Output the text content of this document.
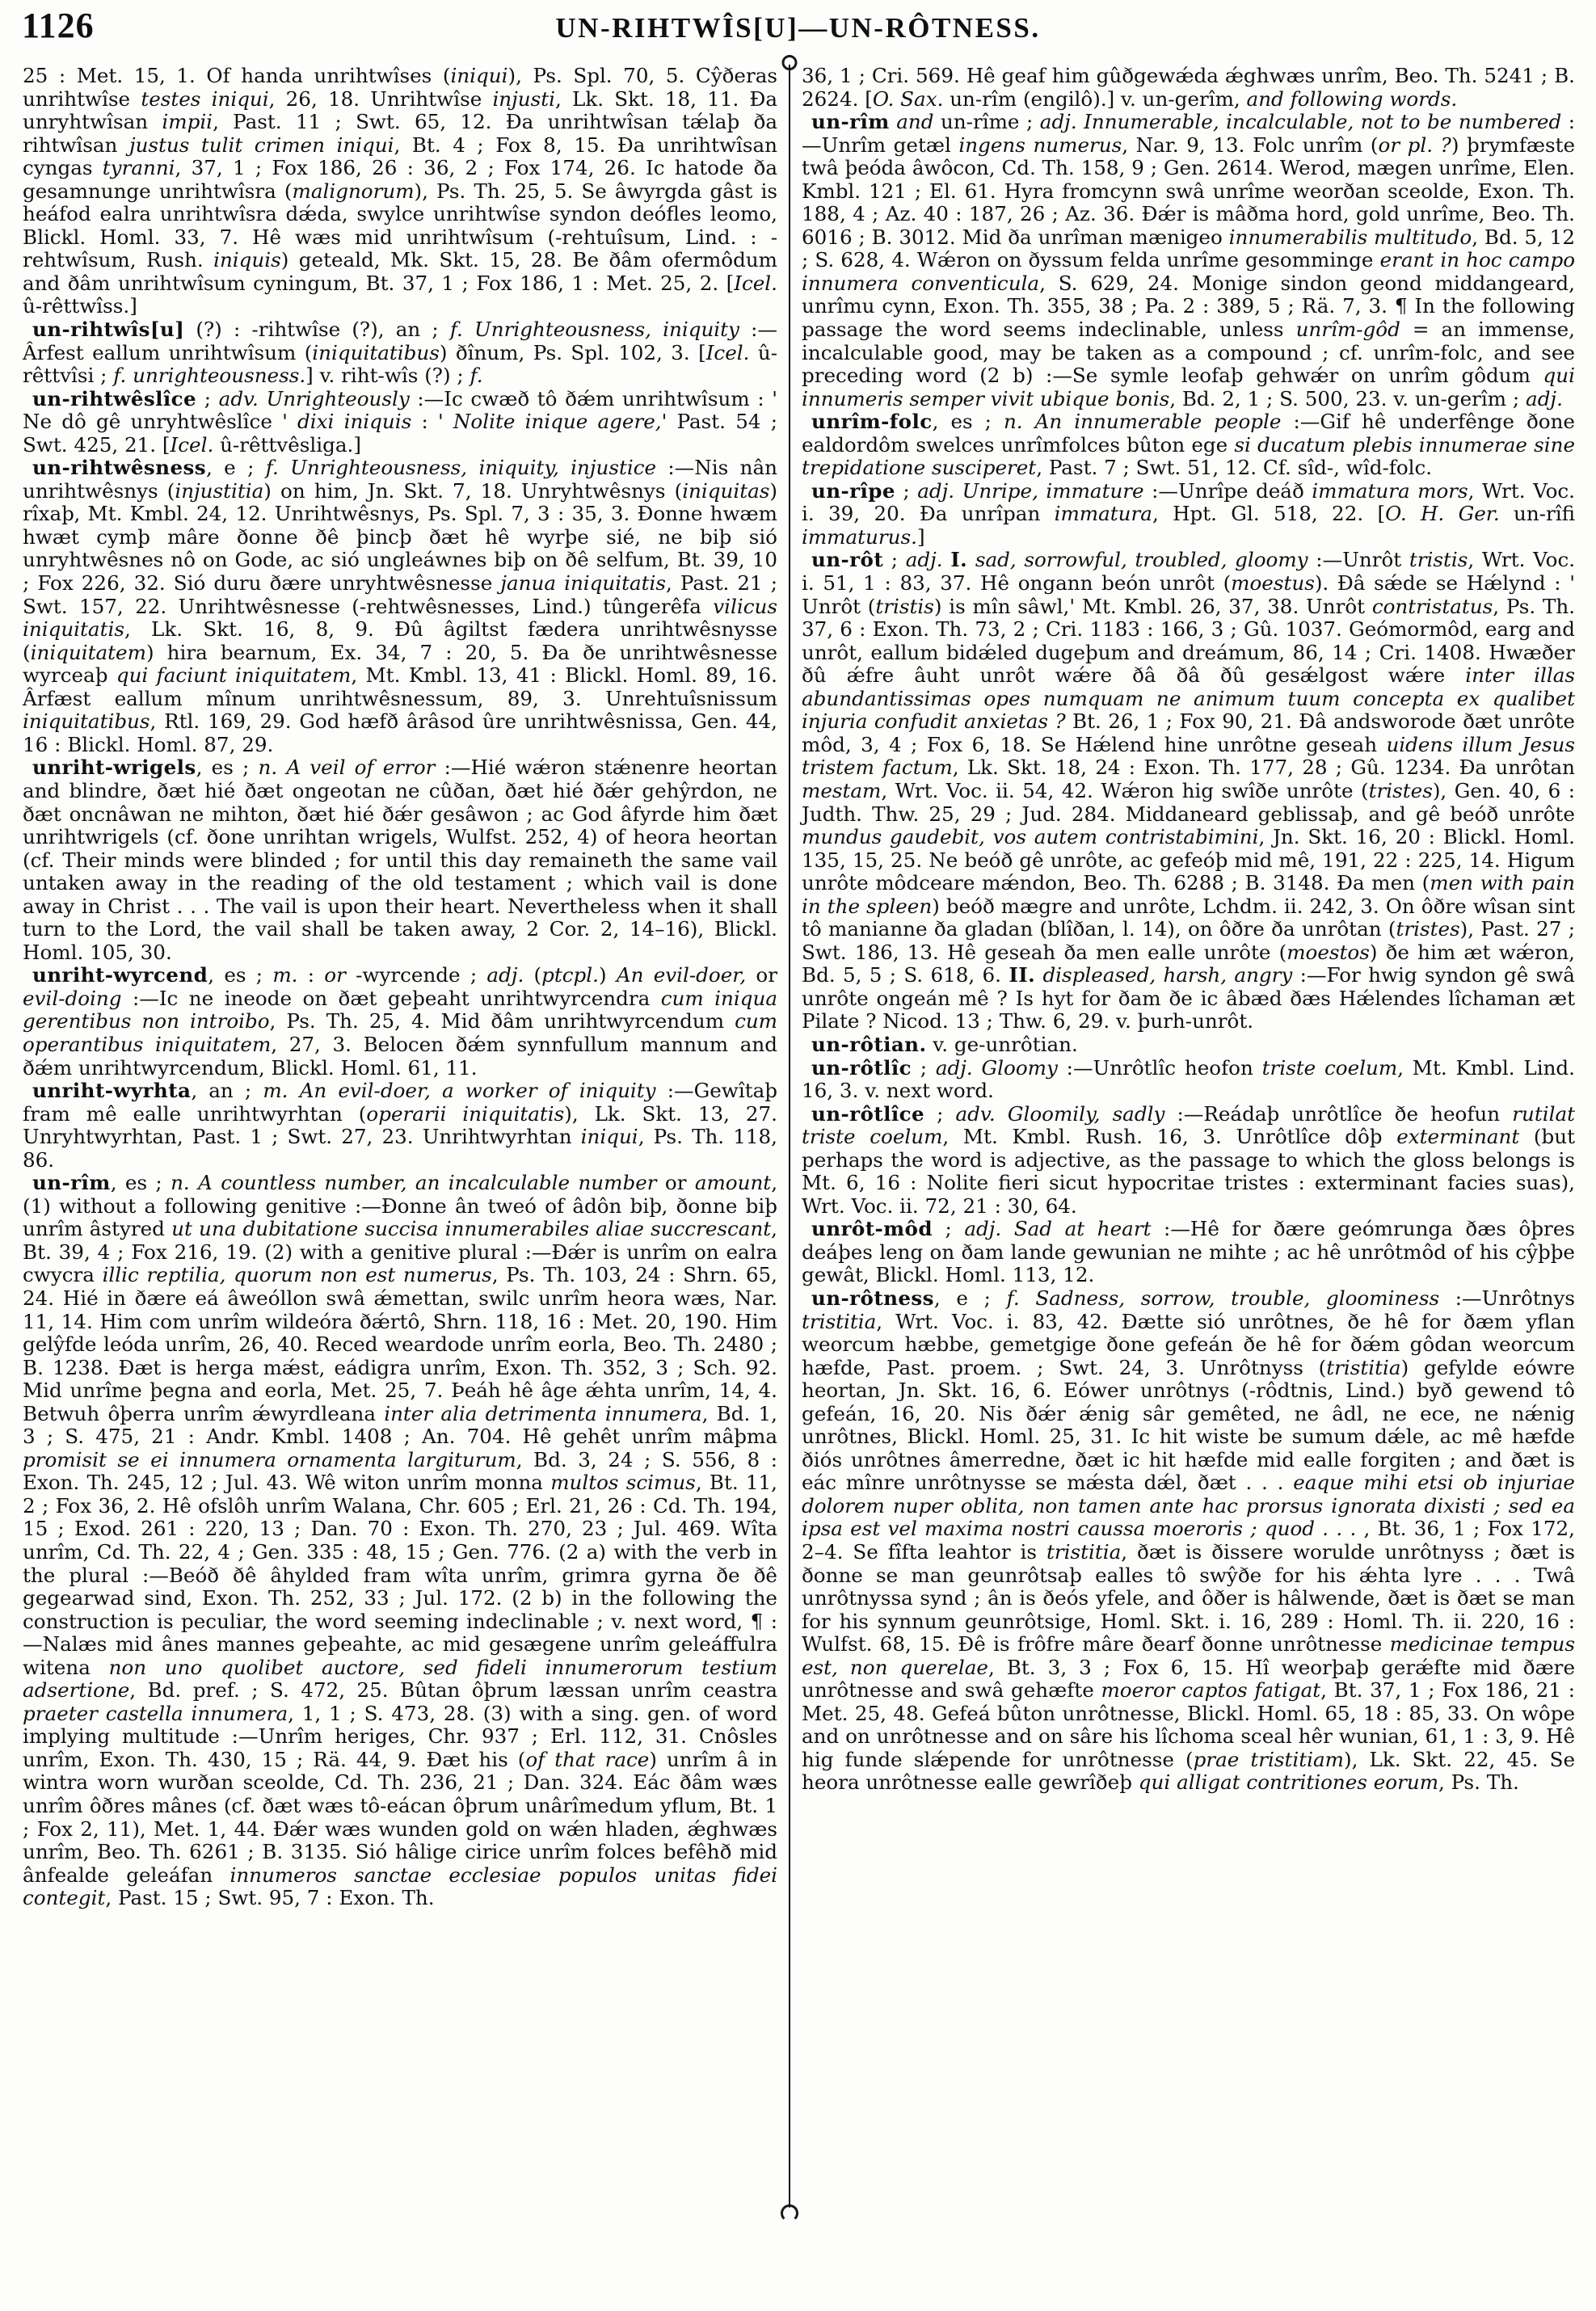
1126	UN-RIHTWÎS[U]—UN-RÔTNESS.

25 : Met. 15, 1. Of handa unrihtwîses (iniqui), Ps. Spl. 70, 5. Cŷðeras unrihtwîse testes iniqui, 26, 18. Unrihtwîse injusti, Lk. Skt. 18, 11. Ða unryhtwîsan impii, Past. 11 ; Swt. 65, 12. Ða unrihtwîsan tǽlaþ ða rihtwîsan justus tulit crimen iniqui, Bt. 4 ; Fox 8, 15. Ða unrihtwîsan cyngas tyranni, 37, 1 ; Fox 186, 26 : 36, 2 ; Fox 174, 26. Ic hatode ða gesamnunge unrihtwîsra (malignorum), Ps. Th. 25, 5. Se âwyrgda gâst is heáfod ealra unrihtwîsra dǽda, swylce unrihtwîse syndon deófles leomo, Blickl. Homl. 33, 7. Hê wæs mid unrihtwîsum (-rehtuîsum, Lind. : -rehtwîsum, Rush. iniquis) geteald, Mk. Skt. 15, 28. Be ðâm ofermôdum and ðâm unrihtwîsum cyningum, Bt. 37, 1 ; Fox 186, 1 : Met. 25, 2. [Icel. û-rêttwîss.]

un-rihtwîs[u] (?) : -rihtwîse (?), an ; f. Unrighteousness, iniquity :—Ârfest eallum unrihtwîsum (iniquitatibus) ðînum, Ps. Spl. 102, 3. [Icel. û-rêttvîsi ; f. unrighteousness.] v. riht-wîs (?) ; f.

un-rihtwêslîce ; adv. Unrighteously :—Ic cwæð tô ðǽm unrihtwîsum : ' Ne dô gê unryhtwêslîce ' dixi iniquis : ' Nolite inique agere,' Past. 54 ; Swt. 425, 21. [Icel. û-rêttvêsliga.]

un-rihtwêsness, e ; f. Unrighteousness, iniquity, injustice :—Nis nân unrihtwêsnys (injustitia) on him, Jn. Skt. 7, 18. Unryhtwêsnys (iniquitas) rîxaþ, Mt. Kmbl. 24, 12. Unrihtwêsnys, Ps. Spl. 7, 3 : 35, 3. Ðonne hwæm hwæt cymþ mâre ðonne ðê þincþ ðæt hê wyrþe sié, ne biþ sió unryhtwêsnes nô on Gode, ac sió ungleáwnes biþ on ðê selfum, Bt. 39, 10 ; Fox 226, 32. Sió duru ðære unryhtwêsnesse janua iniquitatis, Past. 21 ; Swt. 157, 22. Unrihtwêsnesse (-rehtwêsnesses, Lind.) tûngerêfa vilicus iniquitatis, Lk. Skt. 16, 8, 9. Ðû âgiltst fædera unrihtwêsnysse (iniquitatem) hira bearnum, Ex. 34, 7 : 20, 5. Ða ðe unrihtwêsnesse wyrceaþ qui faciunt iniquitatem, Mt. Kmbl. 13, 41 : Blickl. Homl. 89, 16. Ârfæst eallum mînum unrihtwêsnessum, 89, 3. Unrehtuîsnissum iniquitatibus, Rtl. 169, 29. God hæfð ârâsod ûre unrihtwêsnissa, Gen. 44, 16 : Blickl. Homl. 87, 29.

unriht-wrigels, es ; n. A veil of error :—Hié wǽron stǽnenre heortan and blindre, ðæt hié ðæt ongeotan ne cûðan, ðæt hié ðǽr gehŷrdon, ne ðæt oncnâwan ne mihton, ðæt hié ðǽr gesâwon ; ac God âfyrde him ðæt unrihtwrigels (cf. ðone unrihtan wrigels, Wulfst. 252, 4) of heora heortan (cf. Their minds were blinded ; for until this day remaineth the same vail untaken away in the reading of the old testament ; which vail is done away in Christ . . . The vail is upon their heart. Nevertheless when it shall turn to the Lord, the vail shall be taken away, 2 Cor. 2, 14–16), Blickl. Homl. 105, 30.

unriht-wyrcend, es ; m. : or -wyrcende ; adj. (ptcpl.) An evil-doer, or evil-doing :—Ic ne ineode on ðæt geþeaht unrihtwyrcendra cum iniqua gerentibus non introibo, Ps. Th. 25, 4. Mid ðâm unrihtwyrcendum cum operantibus iniquitatem, 27, 3. Belocen ðǽm synnfullum mannum and ðǽm unrihtwyrcendum, Blickl. Homl. 61, 11.

unriht-wyrhta, an ; m. An evil-doer, a worker of iniquity :—Gewîtaþ fram mê ealle unrihtwyrhtan (operarii iniquitatis), Lk. Skt. 13, 27. Unryhtwyrhtan, Past. 1 ; Swt. 27, 23. Unrihtwyrhtan iniqui, Ps. Th. 118, 86.

un-rîm, es ; n. A countless number, an incalculable number or amount, (1) without a following genitive :—Ðonne ân tweó of âdôn biþ, ðonne biþ unrîm âstyred ut una dubitatione succisa innumerabiles aliae succrescant, Bt. 39, 4 ; Fox 216, 19. (2) with a genitive plural :—Ðǽr is unrîm on ealra cwycra illic reptilia, quorum non est numerus, Ps. Th. 103, 24 : Shrn. 65, 24. Hié in ðære eá âweóllon swâ ǽmettan, swilc unrîm heora wæs, Nar. 11, 14. Him com unrîm wildeóra ðǽrtô, Shrn. 118, 16 : Met. 20, 190. Him gelŷfde leóda unrîm, 26, 40. Reced weardode unrîm eorla, Beo. Th. 2480 ; B. 1238. Ðæt is herga mǽst, eádigra unrîm, Exon. Th. 352, 3 ; Sch. 92. Mid unrîme þegna and eorla, Met. 25, 7. Þeáh hê âge ǽhta unrîm, 14, 4. Betwuh ôþerra unrîm ǽwyrdleana inter alia detrimenta innumera, Bd. 1, 3 ; S. 475, 21 : Andr. Kmbl. 1408 ; An. 704. Hê gehêt unrîm mâþma promisit se ei innumera ornamenta largiturum, Bd. 3, 24 ; S. 556, 8 : Exon. Th. 245, 12 ; Jul. 43. Wê witon unrîm monna multos scimus, Bt. 11, 2 ; Fox 36, 2. Hê ofslôh unrîm Walana, Chr. 605 ; Erl. 21, 26 : Cd. Th. 194, 15 ; Exod. 261 : 220, 13 ; Dan. 70 : Exon. Th. 270, 23 ; Jul. 469. Wîta unrîm, Cd. Th. 22, 4 ; Gen. 335 : 48, 15 ; Gen. 776. (2 a) with the verb in the plural :—Beóð ðê âhylded fram wîta unrîm, grimra gyrna ðe ðê gegearwad sind, Exon. Th. 252, 33 ; Jul. 172. (2 b) in the following the construction is peculiar, the word seeming indeclinable ; v. next word, ¶ :—Nalæs mid ânes mannes geþeahte, ac mid gesægene unrîm geleáffulra witena non uno quolibet auctore, sed fideli innumerorum testium adsertione, Bd. pref. ; S. 472, 25. Bûtan ôþrum læssan unrîm ceastra praeter castella innumera, 1, 1 ; S. 473, 28. (3) with a sing. gen. of word implying multitude :—Unrîm heriges, Chr. 937 ; Erl. 112, 31. Cnôsles unrîm, Exon. Th. 430, 15 ; Rä. 44, 9. Ðæt his (of that race) unrîm â in wintra worn wurðan sceolde, Cd. Th. 236, 21 ; Dan. 324. Eác ðâm wæs unrîm ôðres mânes (cf. ðæt wæs tô-eácan ôþrum unârîmedum yflum, Bt. 1 ; Fox 2, 11), Met. 1, 44. Ðǽr wæs wunden gold on wǽn hladen, ǽghwæs unrîm, Beo. Th. 6261 ; B. 3135. Sió hâlige cirice unrîm folces befêhð mid ânfealde geleáfan innumeros sanctae ecclesiae populos unitas fidei contegit, Past. 15 ; Swt. 95, 7 : Exon. Th.

36, 1 ; Cri. 569. Hê geaf him gûðgewǽda ǽghwæs unrîm, Beo. Th. 5241 ; B. 2624. [O. Sax. un-rîm (engilô).] v. un-gerîm, and following words.

un-rîm and un-rîme ; adj. Innumerable, incalculable, not to be numbered :—Unrîm getæl ingens numerus, Nar. 9, 13. Folc unrîm (or pl. ?) þrymfæste twâ þeóda âwôcon, Cd. Th. 158, 9 ; Gen. 2614. Werod, mægen unrîme, Elen. Kmbl. 121 ; El. 61. Hyra fromcynn swâ unrîme weorðan sceolde, Exon. Th. 188, 4 ; Az. 40 : 187, 26 ; Az. 36. Ðǽr is mâðma hord, gold unrîme, Beo. Th. 6016 ; B. 3012. Mid ða unrîman mænigeo innumerabilis multitudo, Bd. 5, 12 ; S. 628, 4. Wǽron on ðyssum felda unrîme gesomminge erant in hoc campo innumera conventicula, S. 629, 24. Monige sindon geond middangeard, unrîmu cynn, Exon. Th. 355, 38 ; Pa. 2 : 389, 5 ; Rä. 7, 3. ¶ In the following passage the word seems indeclinable, unless unrîm-gôd = an immense, incalculable good, may be taken as a compound ; cf. unrîm-folc, and see preceding word (2 b) :—Se symle leofaþ gehwǽr on unrîm gôdum qui innumeris semper vivit ubique bonis, Bd. 2, 1 ; S. 500, 23. v. un-gerîm ; adj.

unrîm-folc, es ; n. An innumerable people :—Gif hê underfênge ðone ealdordôm swelces unrîmfolces bûton ege si ducatum plebis innumerae sine trepidatione susciperet, Past. 7 ; Swt. 51, 12. Cf. sîd-, wîd-folc.

un-rîpe ; adj. Unripe, immature :—Unrîpe deáð immatura mors, Wrt. Voc. i. 39, 20. Ða unrîpan immatura, Hpt. Gl. 518, 22. [O. H. Ger. un-rîfi immaturus.]

un-rôt ; adj. I. sad, sorrowful, troubled, gloomy :—Unrôt tristis, Wrt. Voc. i. 51, 1 : 83, 37. Hê ongann beón unrôt (moestus). Ðâ sǽde se Hǽlynd : ' Unrôt (tristis) is mîn sâwl,' Mt. Kmbl. 26, 37, 38. Unrôt contristatus, Ps. Th. 37, 6 : Exon. Th. 73, 2 ; Cri. 1183 : 166, 3 ; Gû. 1037. Geómormôd, earg and unrôt, eallum bidǽled dugeþum and dreámum, 86, 14 ; Cri. 1408. Hwæðer ðû ǽfre âuht unrôt wǽre ðâ ðâ ðû gesǽlgost wǽre inter illas abundantissimas opes numquam ne animum tuum concepta ex qualibet injuria confudit anxietas ? Bt. 26, 1 ; Fox 90, 21. Ðâ andsworode ðæt unrôte môd, 3, 4 ; Fox 6, 18. Se Hǽlend hine unrôtne geseah uidens illum Jesus tristem factum, Lk. Skt. 18, 24 : Exon. Th. 177, 28 ; Gû. 1234. Ða unrôtan mestam, Wrt. Voc. ii. 54, 42. Wǽron hig swîðe unrôte (tristes), Gen. 40, 6 : Judth. Thw. 25, 29 ; Jud. 284. Middaneard geblissaþ, and gê beóð unrôte mundus gaudebit, vos autem contristabimini, Jn. Skt. 16, 20 : Blickl. Homl. 135, 15, 25. Ne beóð gê unrôte, ac gefeóþ mid mê, 191, 22 : 225, 14. Higum unrôte môdceare mǽndon, Beo. Th. 6288 ; B. 3148. Ða men (men with pain in the spleen) beóð mægre and unrôte, Lchdm. ii. 242, 3. On ôðre wîsan sint tô manianne ða gladan (blîðan, l. 14), on ôðre ða unrôtan (tristes), Past. 27 ; Swt. 186, 13. Hê geseah ða men ealle unrôte (moestos) ðe him æt wǽron, Bd. 5, 5 ; S. 618, 6. II. displeased, harsh, angry :—For hwig syndon gê swâ unrôte ongeán mê ? Is hyt for ðam ðe ic âbæd ðæs Hǽlendes lîchaman æt Pilate ? Nicod. 13 ; Thw. 6, 29. v. þurh-unrôt.

un-rôtian. v. ge-unrôtian.

un-rôtlîc ; adj. Gloomy :—Unrôtlîc heofon triste coelum, Mt. Kmbl. Lind. 16, 3. v. next word.

un-rôtlîce ; adv. Gloomily, sadly :—Reádaþ unrôtlîce ðe heofun rutilat triste coelum, Mt. Kmbl. Rush. 16, 3. Unrôtlîce dôþ exterminant (but perhaps the word is adjective, as the passage to which the gloss belongs is Mt. 6, 16 : Nolite fieri sicut hypocritae tristes : exterminant facies suas), Wrt. Voc. ii. 72, 21 : 30, 64.

unrôt-môd ; adj. Sad at heart :—Hê for ðære geómrunga ðæs ôþres deáþes leng on ðam lande gewunian ne mihte ; ac hê unrôtmôd of his cŷþþe gewât, Blickl. Homl. 113, 12.

un-rôtness, e ; f. Sadness, sorrow, trouble, gloominess :—Unrôtnys tristitia, Wrt. Voc. i. 83, 42. Ðætte sió unrôtnes, ðe hê for ðæm yflan weorcum hæbbe, gemetgige ðone gefeán ðe hê for ðǽm gôdan weorcum hæfde, Past. proem. ; Swt. 24, 3. Unrôtnyss (tristitia) gefylde eówre heortan, Jn. Skt. 16, 6. Eówer unrôtnys (-rôdtnis, Lind.) byð gewend tô gefeán, 16, 20. Nis ðǽr ǽnig sâr gemêted, ne âdl, ne ece, ne nǽnig unrôtnes, Blickl. Homl. 25, 31. Ic hit wiste be sumum dǽle, ac mê hæfde ðiós unrôtnes âmerredne, ðæt ic hit hæfde mid ealle forgiten ; and ðæt is eác mînre unrôtnysse se mǽsta dǽl, ðæt . . . eaque mihi etsi ob injuriae dolorem nuper oblita, non tamen ante hac prorsus ignorata dixisti ; sed ea ipsa est vel maxima nostri caussa moeroris ; quod . . . , Bt. 36, 1 ; Fox 172, 2–4. Se fîfta leahtor is tristitia, ðæt is ðissere worulde unrôtnyss ; ðæt is ðonne se man geunrôtsaþ ealles tô swŷðe for his ǽhta lyre . . . Twâ unrôtnyssa synd ; ân is ðeós yfele, and ôðer is hâlwende, ðæt is ðæt se man for his synnum geunrôtsige, Homl. Skt. i. 16, 289 : Homl. Th. ii. 220, 16 : Wulfst. 68, 15. Ðê is frôfre mâre ðearf ðonne unrôtnesse medicinae tempus est, non querelae, Bt. 3, 3 ; Fox 6, 15. Hî weorþaþ gerǽfte mid ðære unrôtnesse and swâ gehæfte moeror captos fatigat, Bt. 37, 1 ; Fox 186, 21 : Met. 25, 48. Gefeá bûton unrôtnesse, Blickl. Homl. 65, 18 : 85, 33. On wôpe and on unrôtnesse and on sâre his lîchoma sceal hêr wunian, 61, 1 : 3, 9. Hê hig funde slǽpende for unrôtnesse (prae tristitiam), Lk. Skt. 22, 45. Se heora unrôtnesse ealle gewrîðeþ qui alligat contritiones eorum, Ps. Th.
